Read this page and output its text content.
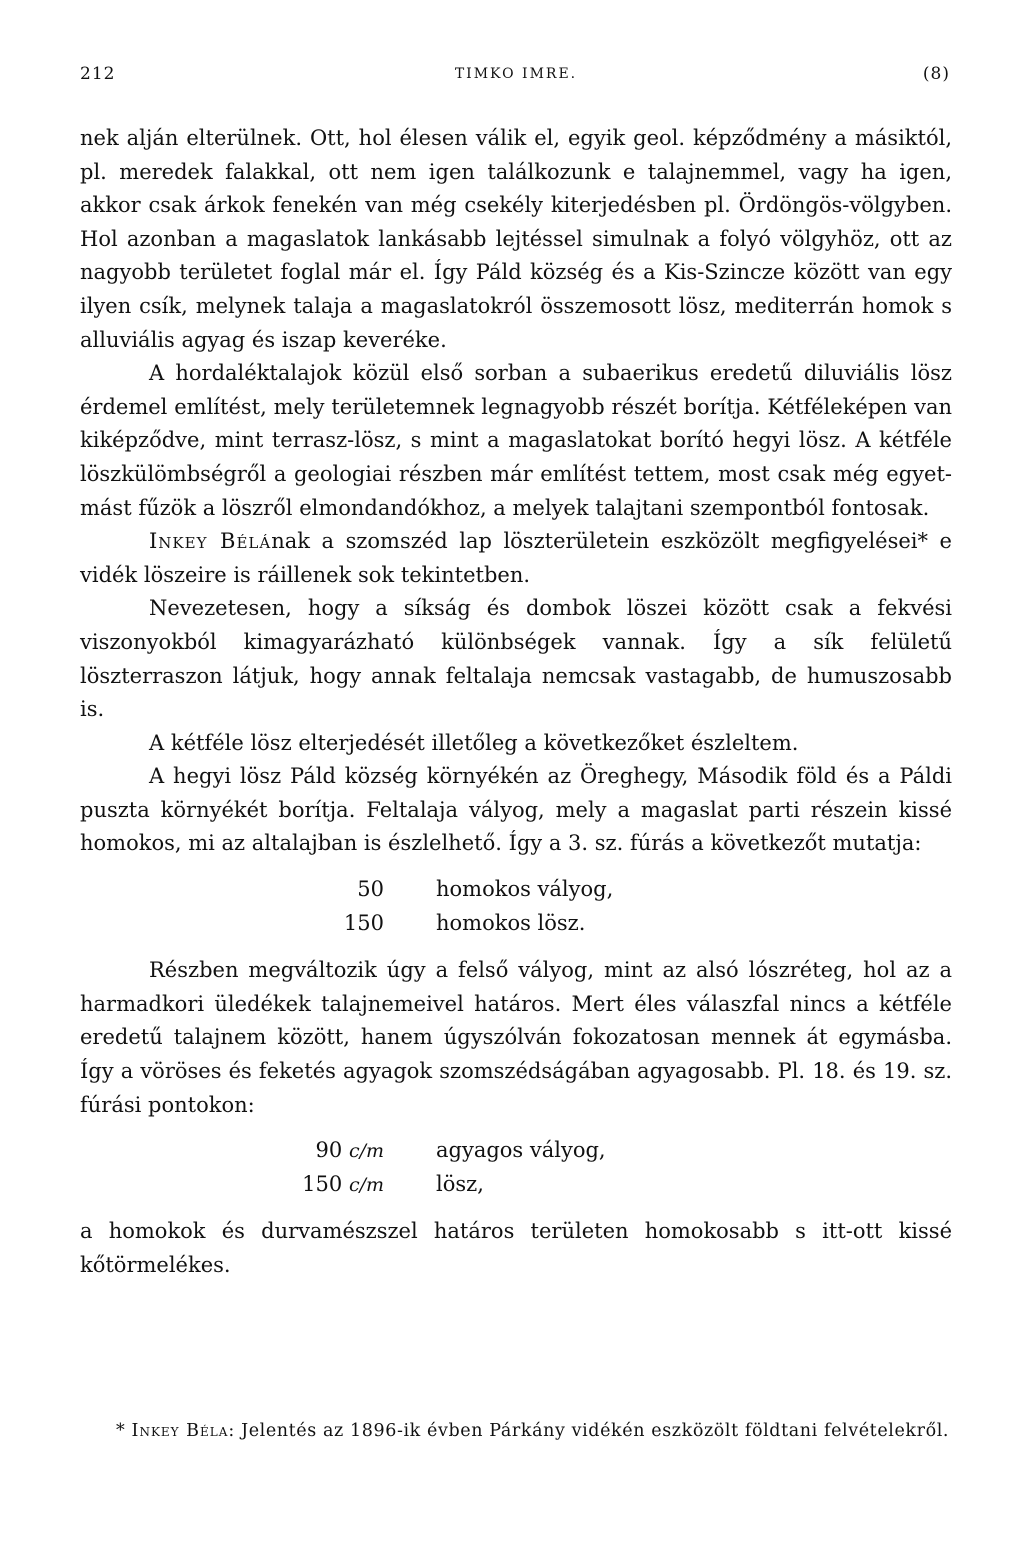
212	TIMKO IMRE.	(8)

nek alján elterülnek. Ott, hol élesen válik el, egyik geol. képződmény a másiktól, pl. meredek falakkal, ott nem igen találkozunk e talajnemmel, vagy ha igen, akkor csak árkok fenekén van még csekély kiterjedésben pl. Ördöngös-völgyben. Hol azonban a magaslatok lankásabb lejtéssel simulnak a folyó völgyhöz, ott az nagyobb területet foglal már el. Így Páld község és a Kis-Szincze között van egy ilyen csík, melynek talaja a magaslatokról összemosott lösz, mediterrán homok s alluviális agyag és iszap keveréke.

A hordaléktalajok közül első sorban a subaerikus eredetű diluviális lösz érdemel említést, mely területemnek legnagyobb részét borítja. Kétféleképen van kiképződve, mint terrasz-lösz, s mint a magaslatokat borító hegyi lösz. A kétféle löszkülömbségről a geologiai részben már említést tettem, most csak még egyet-mást fűzök a löszről elmondandókhoz, a melyek talajtani szempontból fontosak.

Inkey Bélának a szomszéd lap löszterületein eszközölt megfigyelései* e vidék löszeire is ráillenek sok tekintetben.

Nevezetesen, hogy a síkság és dombok löszei között csak a fekvési viszonyokból kimagyarázható különbségek vannak. Így a sík felületű löszterraszon látjuk, hogy annak feltalaja nemcsak vastagabb, de humuszosabb is.

A kétféle lösz elterjedését illetőleg a következőket észleltem.

A hegyi lösz Páld község környékén az Öreghegy, Második föld és a Páldi puszta környékét borítja. Feltalaja vályog, mely a magaslat parti részein kissé homokos, mi az altalajban is észlelhető. Így a 3. sz. fúrás a következőt mutatja:

50 homokos vályog,
150 homokos lösz.

Részben megváltozik úgy a felső vályog, mint az alsó lószréteg, hol az a harmadkori üledékek talajnemeivel határos. Mert éles válaszfal nincs a kétféle eredetű talajnem között, hanem úgyszólván fokozatosan mennek át egymásba. Így a vöröses és feketés agyagok szomszédságában agyagosabb. Pl. 18. és 19. sz. fúrási pontokon:

90 c/m agyagos vályog,
150 c/m lösz,

a homokok és durvamészszel határos területen homokosabb s itt-ott kissé kőtörmelékes.

* Inkey Béla: Jelentés az 1896-ik évben Párkány vidékén eszközölt földtani felvételekről.
